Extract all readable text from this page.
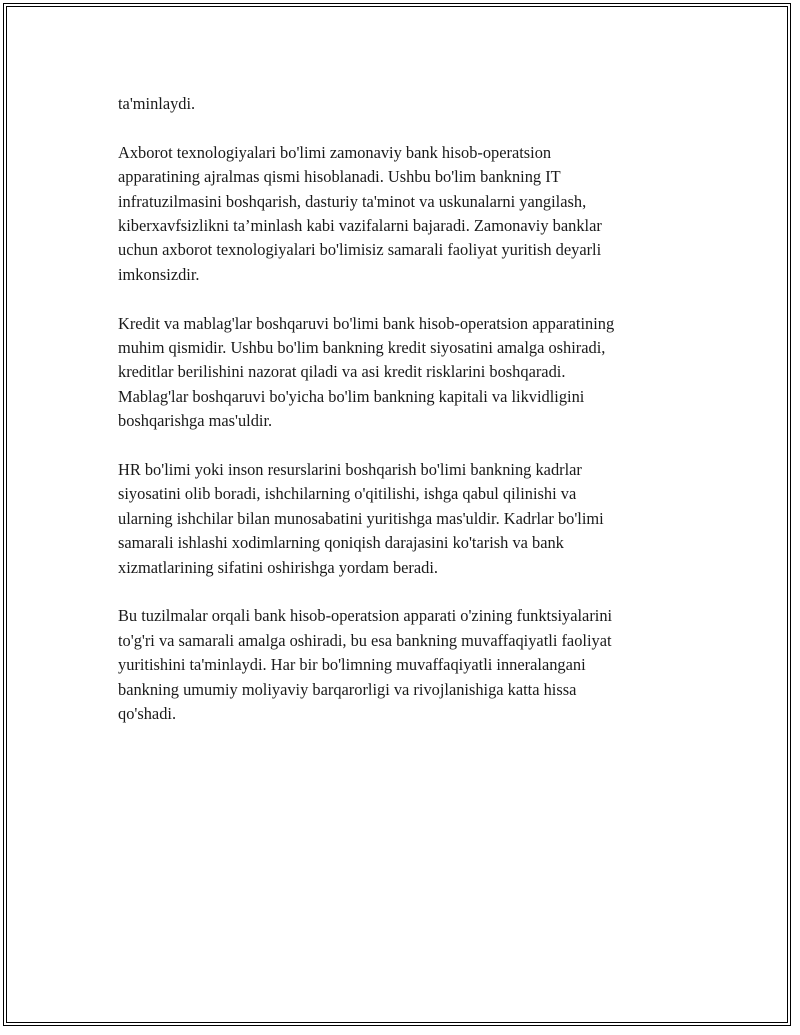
ta'minlaydi.

Axborot texnologiyalari bo'limi zamonaviy bank hisob-operatsion
apparatining ajralmas qismi hisoblanadi. Ushbu bo'lim bankning IT
infratuzilmasini boshqarish, dasturiy ta'minot va uskunalarni yangilash,
kiberxavfsizlikni ta’minlash kabi vazifalarni bajaradi. Zamonaviy banklar
uchun axborot texnologiyalari bo'limisiz samarali faoliyat yuritish deyarli
imkonsizdir.

Kredit va mablag'lar boshqaruvi bo'limi bank hisob-operatsion apparatining
muhim qismidir. Ushbu bo'lim bankning kredit siyosatini amalga oshiradi,
kreditlar berilishini nazorat qiladi va asi kredit risklarini boshqaradi.
Mablag'lar boshqaruvi bo'yicha bo'lim bankning kapitali va likvidligini
boshqarishga mas'uldir.

HR bo'limi yoki inson resurslarini boshqarish bo'limi bankning kadrlar
siyosatini olib boradi, ishchilarning o'qitilishi, ishga qabul qilinishi va
ularning ishchilar bilan munosabatini yuritishga mas'uldir. Kadrlar bo'limi
samarali ishlashi xodimlarning qoniqish darajasini ko'tarish va bank
xizmatlarining sifatini oshirishga yordam beradi.

Bu tuzilmalar orqali bank hisob-operatsion apparati o'zining funktsiyalarini
to'g'ri va samarali amalga oshiradi, bu esa bankning muvaffaqiyatli faoliyat
yuritishini ta'minlaydi. Har bir bo'limning muvaffaqiyatli inneralangani
bankning umumiy moliyaviy barqarorligi va rivojlanishiga katta hissa
qo'shadi.
